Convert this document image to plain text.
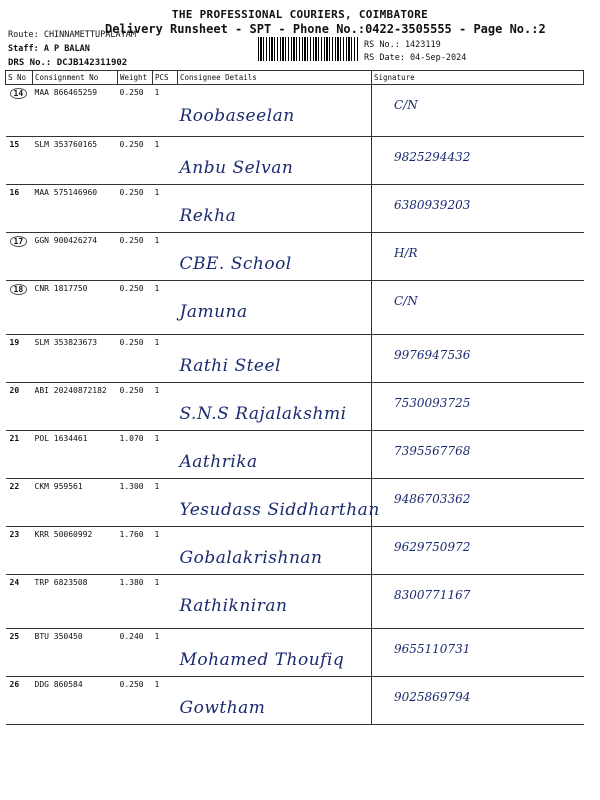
THE PROFESSIONAL COURIERS, COIMBATORE
Delivery Runsheet - SPT - Phone No.:0422-3505555 - Page No.:2
Route: CHINNAMETTUPALAYAM
Staff: A P BALAN
DRS No.: DCJB142311902
RS No.: 1423119
RS Date: 04-Sep-2024
S No	Consignment No	Weight	PCS	Consignee Details	Signature
14	MAA 866465259	0.250	1	Roobaseelan	C/N

15	SLM 353760165	0.250	1	Anbu Selvan	9825294432

16	MAA 575146960	0.250	1	Rekha	6380939203

17	GGN 900426274	0.250	1	CBE. School	H/R

18	CNR 1817750	0.250	1	Jamuna	C/N

19	SLM 353823673	0.250	1	Rathi Steel	9976947536

20	ABI 20240872182	0.250	1	S.N.S Rajalakshmi	7530093725

21	POL 1634461	1.070	1	Aathrika	7395567768

22	CKM 959561	1.300	1	Yesudass Siddharthan	9486703362

23	KRR 50060992	1.760	1	Gobalakrishnan	9629750972

24	TRP 6823508	1.380	1	Rathikniran	8300771167

25	BTU 350450	0.240	1	Mohamed Thoufiq	9655110731

26	DDG 860584	0.250	1	Gowtham	9025869794
